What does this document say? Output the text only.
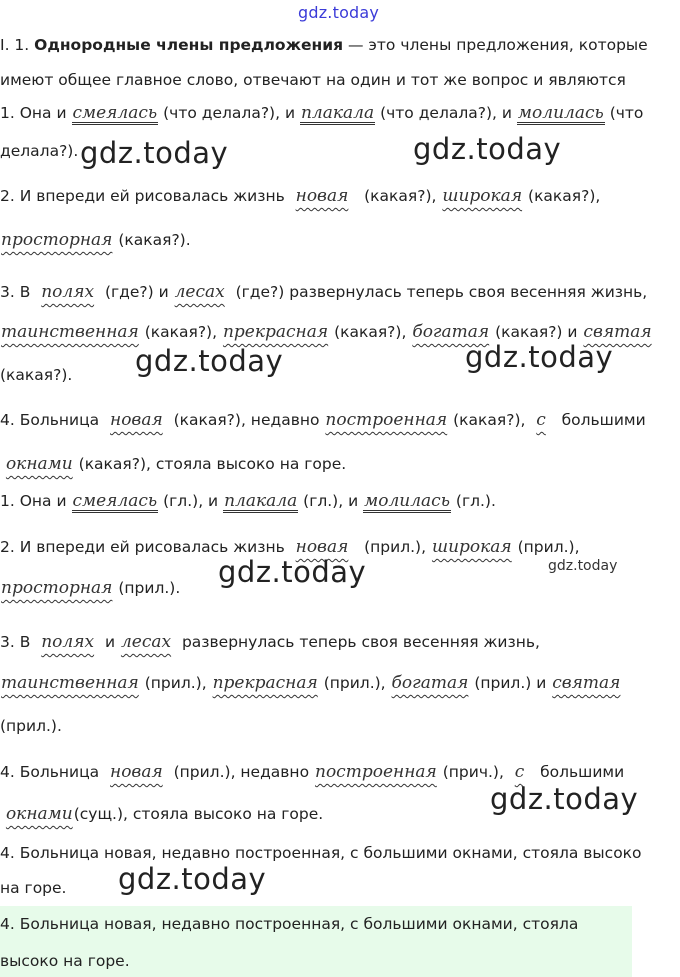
gdz.today
I. 1. Однородные члены предложения — это члены предложения, которые
имеют общее главное слово, отвечают на один и тот же вопрос и являются
1. Она и смеялась (что делала?), и плакала (что делала?), и молилась (что
делала?).
2. И впереди ей рисовалась жизнь новая (какая?), широкая (какая?),
просторная (какая?).
3. В полях (где?) и лесах (где?) развернулась теперь своя весенняя жизнь,
таинственная (какая?), прекрасная (какая?), богатая (какая?) и святая
(какая?).
4. Больница новая (какая?), недавно построенная (какая?),  с большими
окнами (какая?), стояла высоко на горе.
1. Она и смеялась (гл.), и плакала (гл.), и молилась (гл.).
2. И впереди ей рисовалась жизнь новая (прил.), широкая (прил.),
просторная (прил.).
3. В полях и лесах развернулась теперь своя весенняя жизнь,
таинственная (прил.), прекрасная (прил.), богатая (прил.) и святая
(прил.).
4. Больница новая (прил.), недавно построенная (прич.),  с большими
окнами(сущ.), стояла высоко на горе.
4. Больница новая, недавно построенная, с большими окнами, стояла высоко
на горе.
4. Больница новая, недавно построенная, с большими окнами, стояла
высоко на горе.
gdz.today	gdz.today
gdz.today	gdz.today
gdz.today	gdz.today
gdz.today
gdz.today
